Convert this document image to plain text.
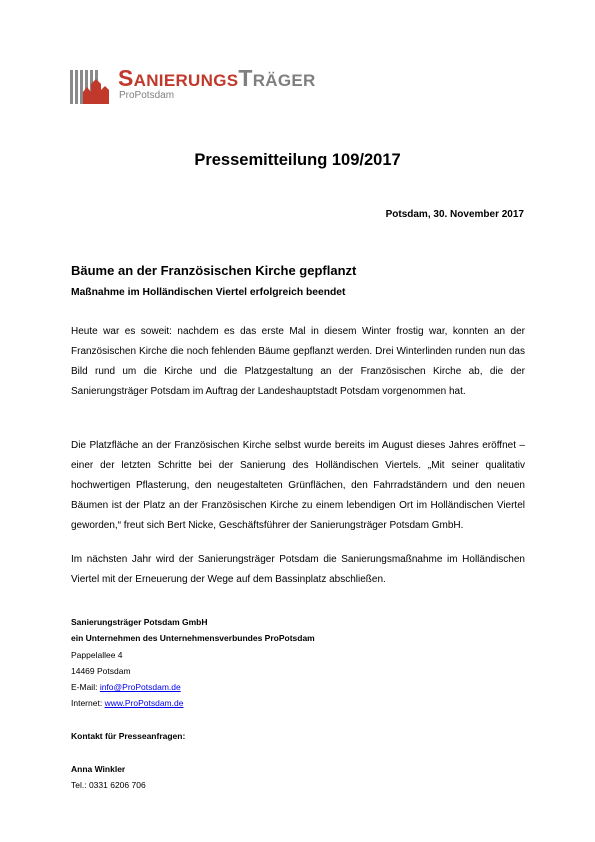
SANIERUNGSTRÄGER
ProPotsdam
Pressemitteilung 109/2017
Potsdam, 30. November 2017
Bäume an der Französischen Kirche gepflanzt
Maßnahme im Holländischen Viertel erfolgreich beendet
Heute war es soweit: nachdem es das erste Mal in diesem Winter frostig war, konnten an der Französischen Kirche die noch fehlenden Bäume gepflanzt werden. Drei Winterlinden runden nun das Bild rund um die Kirche und die Platzgestaltung an der Französischen Kirche ab, die der Sanierungsträger Potsdam im Auftrag der Landeshauptstadt Potsdam vorgenommen hat.
Die Platzfläche an der Französischen Kirche selbst wurde bereits im August dieses Jahres eröffnet – einer der letzten Schritte bei der Sanierung des Holländischen Viertels. „Mit seiner qualitativ hochwertigen Pflasterung, den neugestalteten Grünflächen, den Fahrradständern und den neuen Bäumen ist der Platz an der Französischen Kirche zu einem lebendigen Ort im Holländischen Viertel geworden,“ freut sich Bert Nicke, Geschäftsführer der Sanierungsträger Potsdam GmbH.
Im nächsten Jahr wird der Sanierungsträger Potsdam die Sanierungsmaßnahme im Holländischen Viertel mit der Erneuerung der Wege auf dem Bassinplatz abschließen.
Sanierungsträger Potsdam GmbH
ein Unternehmen des Unternehmensverbundes ProPotsdam
Pappelallee 4
14469 Potsdam
E-Mail: info@ProPotsdam.de
Internet: www.ProPotsdam.de
Kontakt für Presseanfragen:
Anna Winkler
Tel.: 0331 6206 706
